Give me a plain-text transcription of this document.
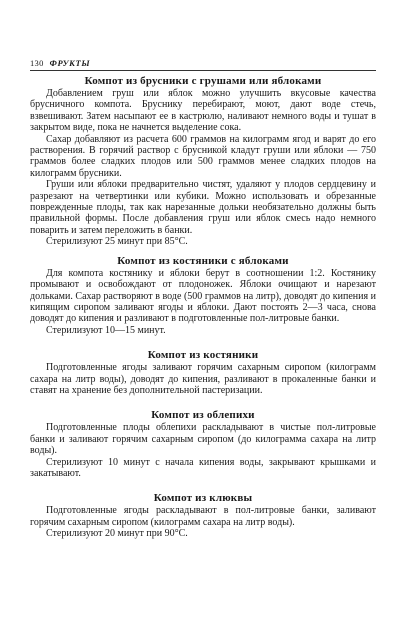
130 ФРУКТЫ
Компот из брусники с грушами или яблоками

Добавлением груш или яблок можно улучшить вкусовые качества брусничного компота. Бруснику перебирают, моют, дают воде стечь, взвешивают. Затем насыпают ее в кастрюлю, наливают немного воды и тушат в закрытом виде, пока не начнется выделение сока.

Сахар добавляют из расчета 600 граммов на килограмм ягод и варят до его растворения. В горячий раствор с брусникой кладут груши или яблоки — 750 граммов более сладких плодов или 500 граммов менее сладких плодов на килограмм брусники.

Груши или яблоки предварительно чистят, удаляют у плодов сердцевину и разрезают на четвертинки или кубики. Можно использовать и обрезанные поврежденные плоды, так как нарезанные дольки необязательно должны быть правильной формы. После добавления груш или яблок смесь надо немного поварить и затем переложить в банки.

Стерилизуют 25 минут при 85°C.

Компот из костяники с яблоками

Для компота костянику и яблоки берут в соотношении 1:2. Костянику промывают и освобождают от плодоножек. Яблоки очищают и нарезают дольками. Сахар растворяют в воде (500 граммов на литр), доводят до кипения и кипящим сиропом заливают ягоды и яблоки. Дают постоять 2—3 часа, снова доводят до кипения и разливают в подготовленные пол-литровые банки.

Стерилизуют 10—15 минут.

Компот из костяники

Подготовленные ягоды заливают горячим сахарным сиропом (килограмм сахара на литр воды), доводят до кипения, разливают в прокаленные банки и ставят на хранение без дополнительной пастеризации.

Компот из облепихи

Подготовленные плоды облепихи раскладывают в чистые пол-литровые банки и заливают горячим сахарным сиропом (до килограмма сахара на литр воды).

Стерилизуют 10 минут с начала кипения воды, закрывают крышками и закатывают.

Компот из клюквы

Подготовленные ягоды раскладывают в пол-литровые банки, заливают горячим сахарным сиропом (килограмм сахара на литр воды).

Стерилизуют 20 минут при 90°C.
